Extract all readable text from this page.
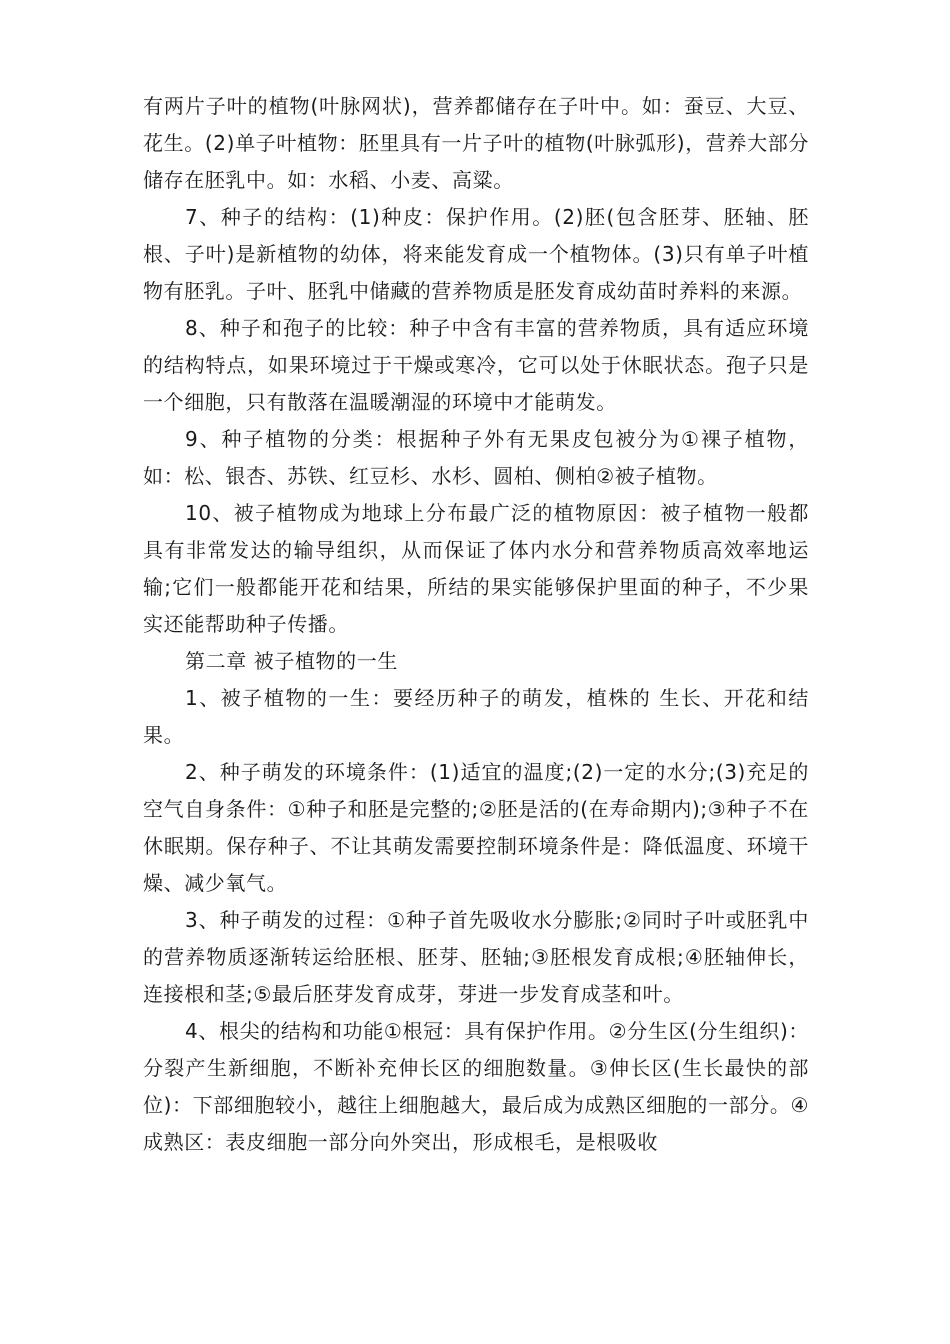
有两片子叶的植物(叶脉网状)，营养都储存在子叶中。如：蚕豆、大豆、花生。(2)单子叶植物：胚里具有一片子叶的植物(叶脉弧形)，营养大部分储存在胚乳中。如：水稻、小麦、高粱。

7、种子的结构：(1)种皮：保护作用。(2)胚(包含胚芽、胚轴、胚根、子叶)是新植物的幼体，将来能发育成一个植物体。(3)只有单子叶植物有胚乳。子叶、胚乳中储藏的营养物质是胚发育成幼苗时养料的来源。

8、种子和孢子的比较：种子中含有丰富的营养物质，具有适应环境的结构特点，如果环境过于干燥或寒冷，它可以处于休眠状态。孢子只是一个细胞，只有散落在温暖潮湿的环境中才能萌发。

9、种子植物的分类：根据种子外有无果皮包被分为①裸子植物，如：松、银杏、苏铁、红豆杉、水杉、圆柏、侧柏②被子植物。

10、被子植物成为地球上分布最广泛的植物原因：被子植物一般都具有非常发达的输导组织，从而保证了体内水分和营养物质高效率地运输;它们一般都能开花和结果，所结的果实能够保护里面的种子，不少果实还能帮助种子传播。

第二章 被子植物的一生

1、被子植物的一生：要经历种子的萌发，植株的 生长、开花和结果。

2、种子萌发的环境条件：(1)适宜的温度;(2)一定的水分;(3)充足的空气自身条件：①种子和胚是完整的;②胚是活的(在寿命期内);③种子不在休眠期。保存种子、不让其萌发需要控制环境条件是：降低温度、环境干燥、减少氧气。

3、种子萌发的过程：①种子首先吸收水分膨胀;②同时子叶或胚乳中的营养物质逐渐转运给胚根、胚芽、胚轴;③胚根发育成根;④胚轴伸长，连接根和茎;⑤最后胚芽发育成芽，芽进一步发育成茎和叶。

4、根尖的结构和功能①根冠：具有保护作用。②分生区(分生组织)：分裂产生新细胞，不断补充伸长区的细胞数量。③伸长区(生长最快的部位)：下部细胞较小，越往上细胞越大，最后成为成熟区细胞的一部分。④成熟区：表皮细胞一部分向外突出，形成根毛，是根吸收
